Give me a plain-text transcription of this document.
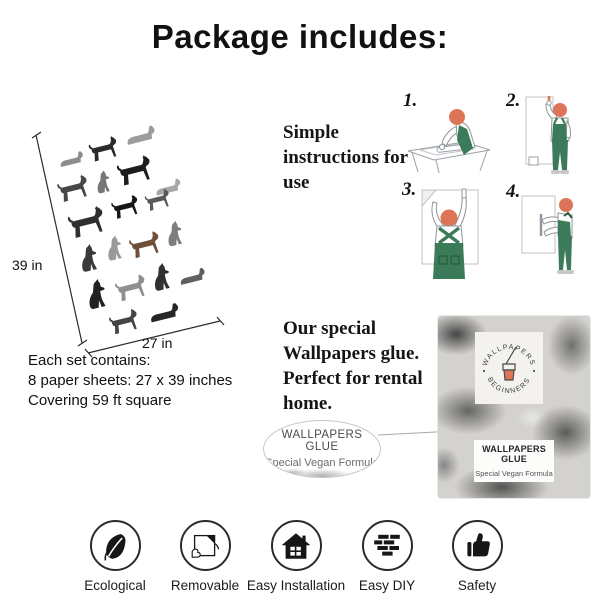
Package includes:
39 in
27 in
Each set contains:
8 paper sheets: 27 x 39 inches
Covering 59 ft square
Simple instructions for use
1.	2.
3.	4.
Our special Wallpapers glue. Perfect for rental home.
WALLPAPERS GLUE
Special Vegan Formula
WALLPAPERS
BEGINNERS
WALLPAPERS GLUE
Special Vegan Formula
Ecological Removable Easy Installation Easy DIY	Safety
